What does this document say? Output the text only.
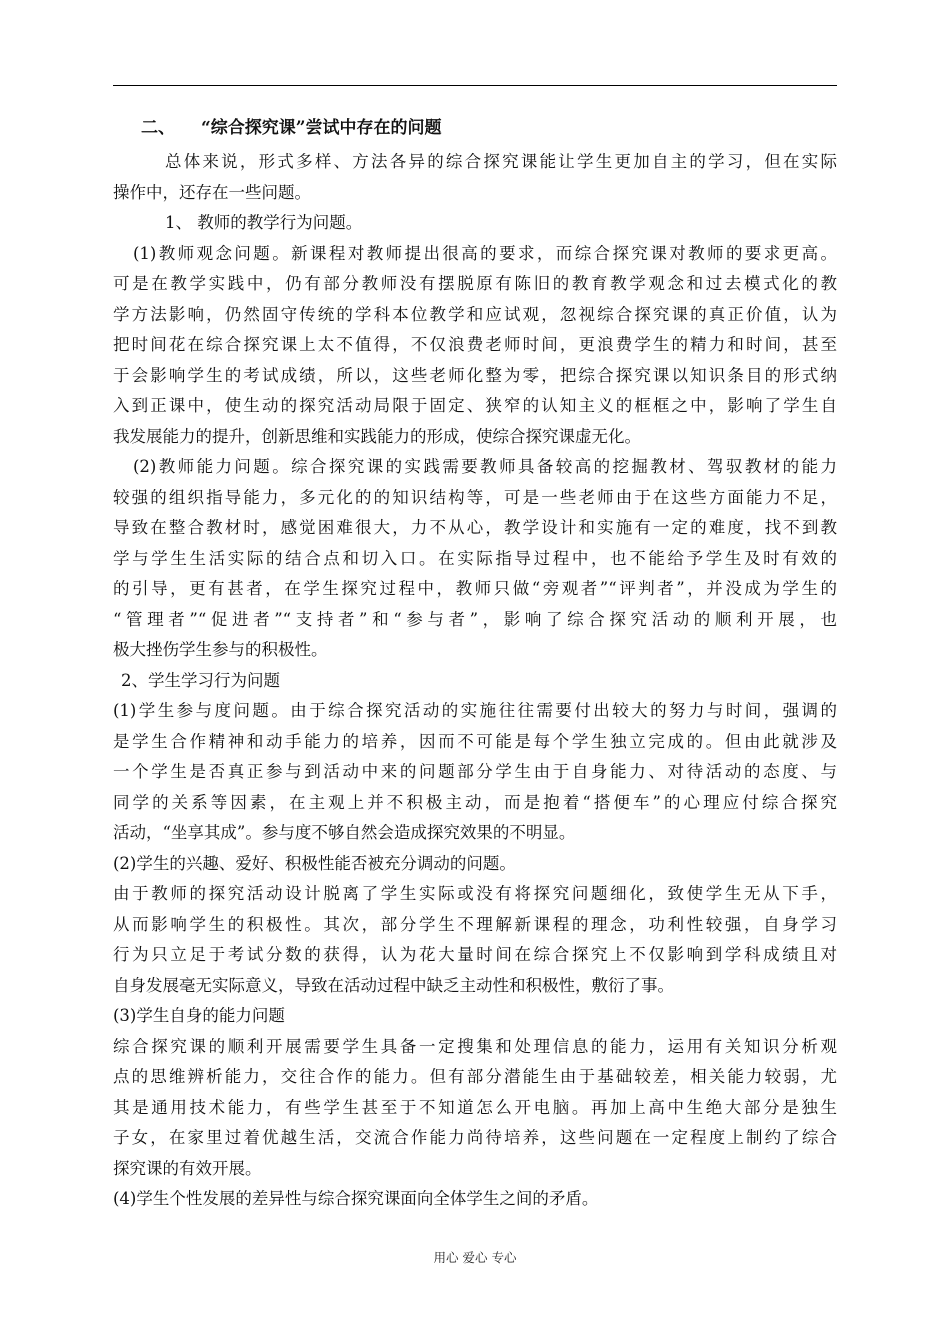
二、 “综合探究课”尝试中存在的问题
总体来说，形式多样、方法各异的综合探究课能让学生更加自主的学习，但在实际
操作中，还存在一些问题。
1、 教师的教学行为问题。
(1)教师观念问题。新课程对教师提出很高的要求，而综合探究课对教师的要求更高。
可是在教学实践中，仍有部分教师没有摆脱原有陈旧的教育教学观念和过去模式化的教
学方法影响，仍然固守传统的学科本位教学和应试观，忽视综合探究课的真正价值，认为
把时间花在综合探究课上太不值得，不仅浪费老师时间，更浪费学生的精力和时间，甚至
于会影响学生的考试成绩，所以，这些老师化整为零，把综合探究课以知识条目的形式纳
入到正课中，使生动的探究活动局限于固定、狭窄的认知主义的框框之中，影响了学生自
我发展能力的提升，创新思维和实践能力的形成，使综合探究课虚无化。
(2)教师能力问题。综合探究课的实践需要教师具备较高的挖掘教材、驾驭教材的能力
较强的组织指导能力，多元化的的知识结构等，可是一些老师由于在这些方面能力不足，
导致在整合教材时，感觉困难很大，力不从心，教学设计和实施有一定的难度，找不到教
学与学生生活实际的结合点和切入口。在实际指导过程中，也不能给予学生及时有效的
的引导，更有甚者，在学生探究过程中，教师只做“旁观者”“评判者”，并没成为学生的
“管理者”“促进者”“支持者”和“参与者”，影响了综合探究活动的顺利开展，也
极大挫伤学生参与的积极性。
2、学生学习行为问题
(1)学生参与度问题。由于综合探究活动的实施往往需要付出较大的努力与时间，强调的
是学生合作精神和动手能力的培养，因而不可能是每个学生独立完成的。但由此就涉及
一个学生是否真正参与到活动中来的问题部分学生由于自身能力、对待活动的态度、与
同学的关系等因素，在主观上并不积极主动，而是抱着“搭便车”的心理应付综合探究
活动，“坐享其成”。参与度不够自然会造成探究效果的不明显。
(2)学生的兴趣、爱好、积极性能否被充分调动的问题。
由于教师的探究活动设计脱离了学生实际或没有将探究问题细化，致使学生无从下手，
从而影响学生的积极性。其次，部分学生不理解新课程的理念，功利性较强，自身学习
行为只立足于考试分数的获得，认为花大量时间在综合探究上不仅影响到学科成绩且对
自身发展毫无实际意义，导致在活动过程中缺乏主动性和积极性，敷衍了事。
(3)学生自身的能力问题
综合探究课的顺利开展需要学生具备一定搜集和处理信息的能力，运用有关知识分析观
点的思维辨析能力，交往合作的能力。但有部分潜能生由于基础较差，相关能力较弱，尤
其是通用技术能力，有些学生甚至于不知道怎么开电脑。再加上高中生绝大部分是独生
子女，在家里过着优越生活，交流合作能力尚待培养，这些问题在一定程度上制约了综合
探究课的有效开展。
(4)学生个性发展的差异性与综合探究课面向全体学生之间的矛盾。
用心 爱心 专心
